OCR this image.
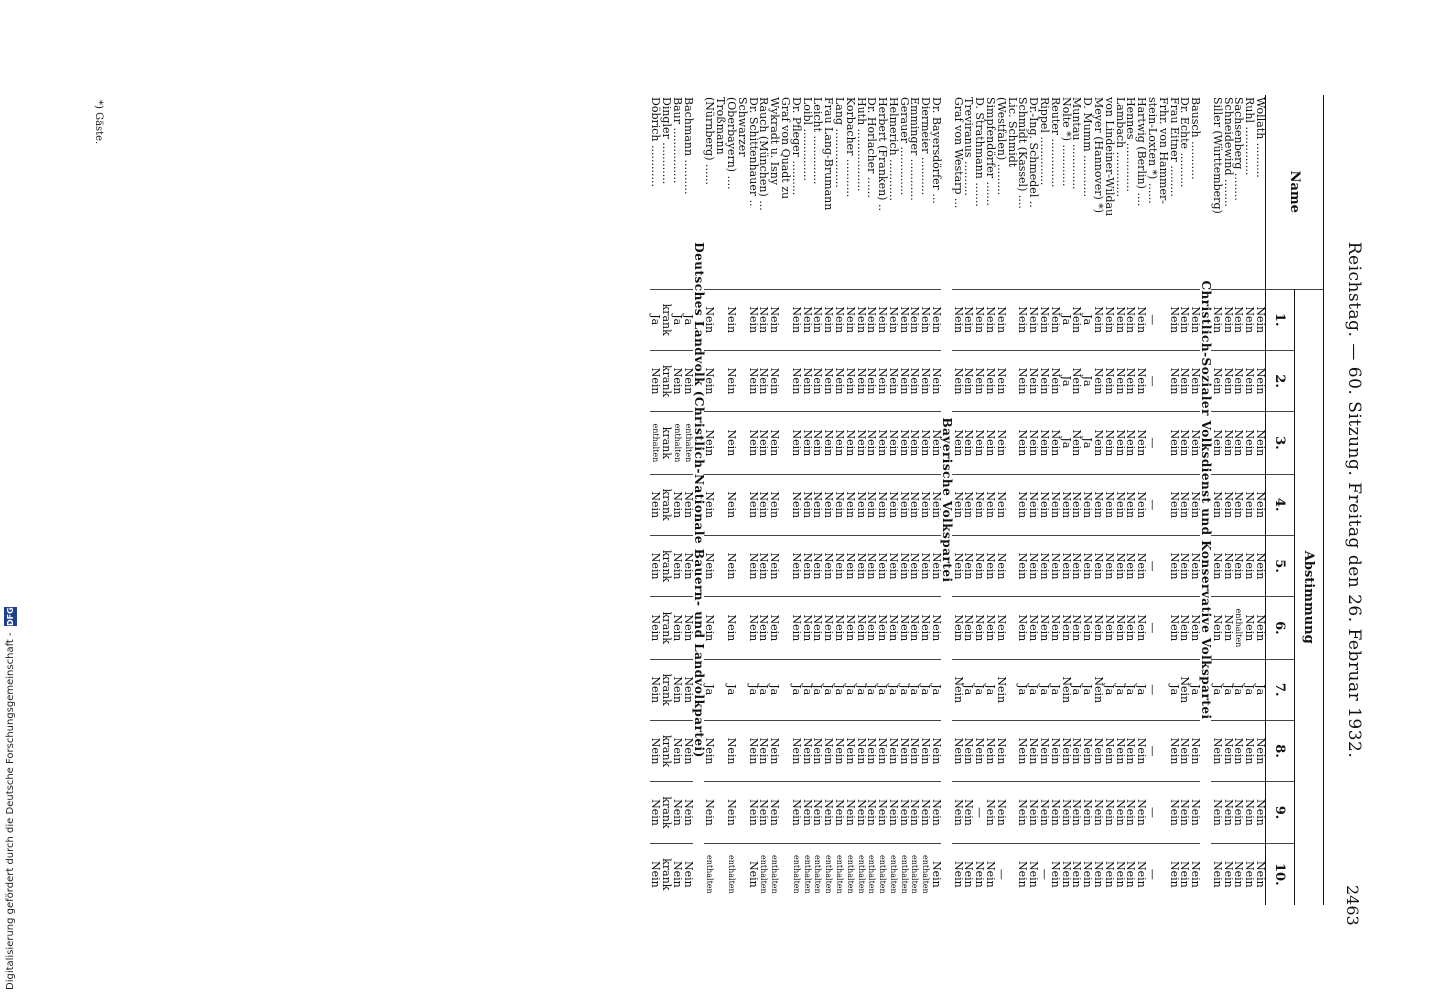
Digitalisierung gefördert durch die Deutsche Forschungsgemeinschaft - DFG	Reichstag. — 60. Sitzung. Freitag den 26. Februar 1932.
2463
Name	Abstimmung									
	1.	2.	3.	4.	5.	6.	7.	8.	9.	10.
Wollath ..........	Nein	Nein	Nein	Nein	Nein	Nein	Ja	Nein	Nein	Nein
Ruhl ..............	Nein	Nein	Nein	Nein	Nein	Nein	Ja	Nein	Nein	Nein
Sachsenberg ........	Nein	Nein	Nein	Nein	Nein	enthalten	Ja	Nein	Nein	Nein
Schneidewind ........	Nein	Nein	Nein	Nein	Nein	Nein	Ja	Nein	Nein	Nein
Siller (Württemberg)	Nein	Nein	Nein	Nein	Nein	Nein	Ja	Nein	Nein	Nein
Christlich-Sozialer Volksdienst und Konservative Volkspartei										
Bausch ...........	Nein	Nein	Nein	Nein	Nein	Nein	Ja	Nein	Nein	Nein
Dr. Echte ..........	Nein	Nein	Nein	Nein	Nein	Nein	Nein	Nein	Nein	Nein
Frau Eitner .........	Nein	Nein	Nein	Nein	Nein	Nein	Ja	Nein	Nein	Nein
Frhr. von Hammer-										
stein-Loxten *) ......	—	—	—	—	—	—	—	—	—	—
Hartwig (Berlin) ....	Nein	Nein	Nein	Nein	Nein	Nein	Ja	Nein	Nein	Nein
Hennes ..............	Nein	Nein	Nein	Nein	Nein	Nein	Ja	Nein	Nein	Nein
Lambach .............	Nein	Nein	Nein	Nein	Nein	Nein	Ja	Nein	Nein	Nein
von Lindeiner-Wildau	Nein	Nein	Nein	Nein	Nein	Nein	Ja	Nein	Nein	Nein
Meyer (Hannover) *)	Nein	Nein	Nein	Nein	Nein	Nein	Nein	Nein	Nein	Nein
D. Mumm ............	Ja	Ja	Ja	Nein	Nein	Nein	Ja	Nein	Nein	Nein
Muntau .............	Nein	Nein	Nein	Nein	Nein	Nein	Ja	Nein	Nein	Nein
Nolte *) ............	Ja	Ja	Ja	Nein	Nein	Nein	Nein	Nein	Nein	Nein
Reuter ..............	Nein	Nein	Nein	Nein	Nein	Nein	Ja	Nein	Nein	Nein
Rippel ..............	Nein	Nein	Nein	Nein	Nein	Nein	Ja	Nein	Nein	—
Dr.-Ing. Schmedel ..	Nein	Nein	Nein	Nein	Nein	Nein	Ja	Nein	Nein	Nein
Schmidt (Kassel) ....	Nein	Nein	Nein	Nein	Nein	Nein	Ja	Nein	Nein	Nein
Lic. Schmidt										
(Westfalen) .........	Nein	Nein	Nein	Nein	Nein	Nein	Nein	Nein	Nein	—
Simpfendörfer .......	Nein	Nein	Nein	Nein	Nein	Nein	Ja	Nein	Nein	Nein
D. Strathmann .......	Nein	Nein	Nein	Nein	Nein	Nein	Ja	Nein	—	Nein
Treviranus ..........	Nein	Nein	Nein	Nein	Nein	Nein	Ja	Nein	Nein	Nein
Graf von Westarp ...	Nein	Nein	Nein	Nein	Nein	Nein	Nein	Nein	Nein	Nein
Bayerische Volkspartei										
Dr. Bayersdörfer ...	Nein	Nein	Nein	Nein	Nein	Nein	Ja	Nein	Nein	Nein
Diermeier ...........	Nein	Nein	Nein	Nein	Nein	Nein	Ja	Nein	Nein	enthalten
Emminger ............	Nein	Nein	Nein	Nein	Nein	Nein	Ja	Nein	Nein	enthalten
Gerauer ..............	Nein	Nein	Nein	Nein	Nein	Nein	Ja	Nein	Nein	enthalten
Helmerich ............	Nein	Nein	Nein	Nein	Nein	Nein	Ja	Nein	Nein	enthalten
Herbert (Franken) ..	Nein	Nein	Nein	Nein	Nein	Nein	Ja	Nein	Nein	enthalten
Dr. Horlacher ......	Nein	Nein	Nein	Nein	Nein	Nein	Ja	Nein	Nein	enthalten
Huth ..................	Nein	Nein	Nein	Nein	Nein	Nein	Ja	Nein	Nein	enthalten
Korbacher ...........	Nein	Nein	Nein	Nein	Nein	Nein	Ja	Nein	Nein	enthalten
Lang .................	Nein	Nein	Nein	Nein	Nein	Nein	Ja	Nein	Nein	enthalten
Frau Lang-Brumann	Nein	Nein	Nein	Nein	Nein	Nein	Ja	Nein	Nein	enthalten
Leicht ..............	Nein	Nein	Nein	Nein	Nein	Nein	Ja	Nein	Nein	enthalten
Loibl ...............	Nein	Nein	Nein	Nein	Nein	Nein	Ja	Nein	Nein	enthalten
Dr. Pfleger ..........	Nein	Nein	Nein	Nein	Nein	Nein	Ja	Nein	Nein	enthalten
Graf von Quadt zu										
Wykradt u. Isny	Nein	Nein	Nein	Nein	Nein	Nein	Ja	Nein	Nein	enthalten
Rauch (München) ...	Nein	Nein	Nein	Nein	Nein	Nein	Ja	Nein	Nein	enthalten
Dr. Schittenhauer ..	Nein	Nein	Nein	Nein	Nein	Nein	Ja	Nein	Nein	Nein
Schwarzer										
(Oberbayern) ....	Nein	Nein	Nein	Nein	Nein	Nein	Ja	Nein	Nein	enthalten
Troßmann										
(Nürnberg) ......	Nein	Nein	Nein	Nein	Nein	Nein	Ja	Nein	Nein	enthalten
Deutsches Landvolk (Christlich-Nationale Bauern- und Landvolkpartei)										
Bachmann ..........	Ja	Nein	enthalten	Nein	Nein	Nein	Nein	Nein	Nein	Nein
Baur ................	Ja	Nein	enthalten	Nein	Nein	Nein	Nein	Nein	Nein	Nein
Dingler ............	krank	krank	krank	krank	krank	krank	krank	krank	krank	krank
Döbrich ............	Ja	Nein	enthalten	Nein	Nein	Nein	Nein	Nein	Nein	Nein
*) Gäste.
